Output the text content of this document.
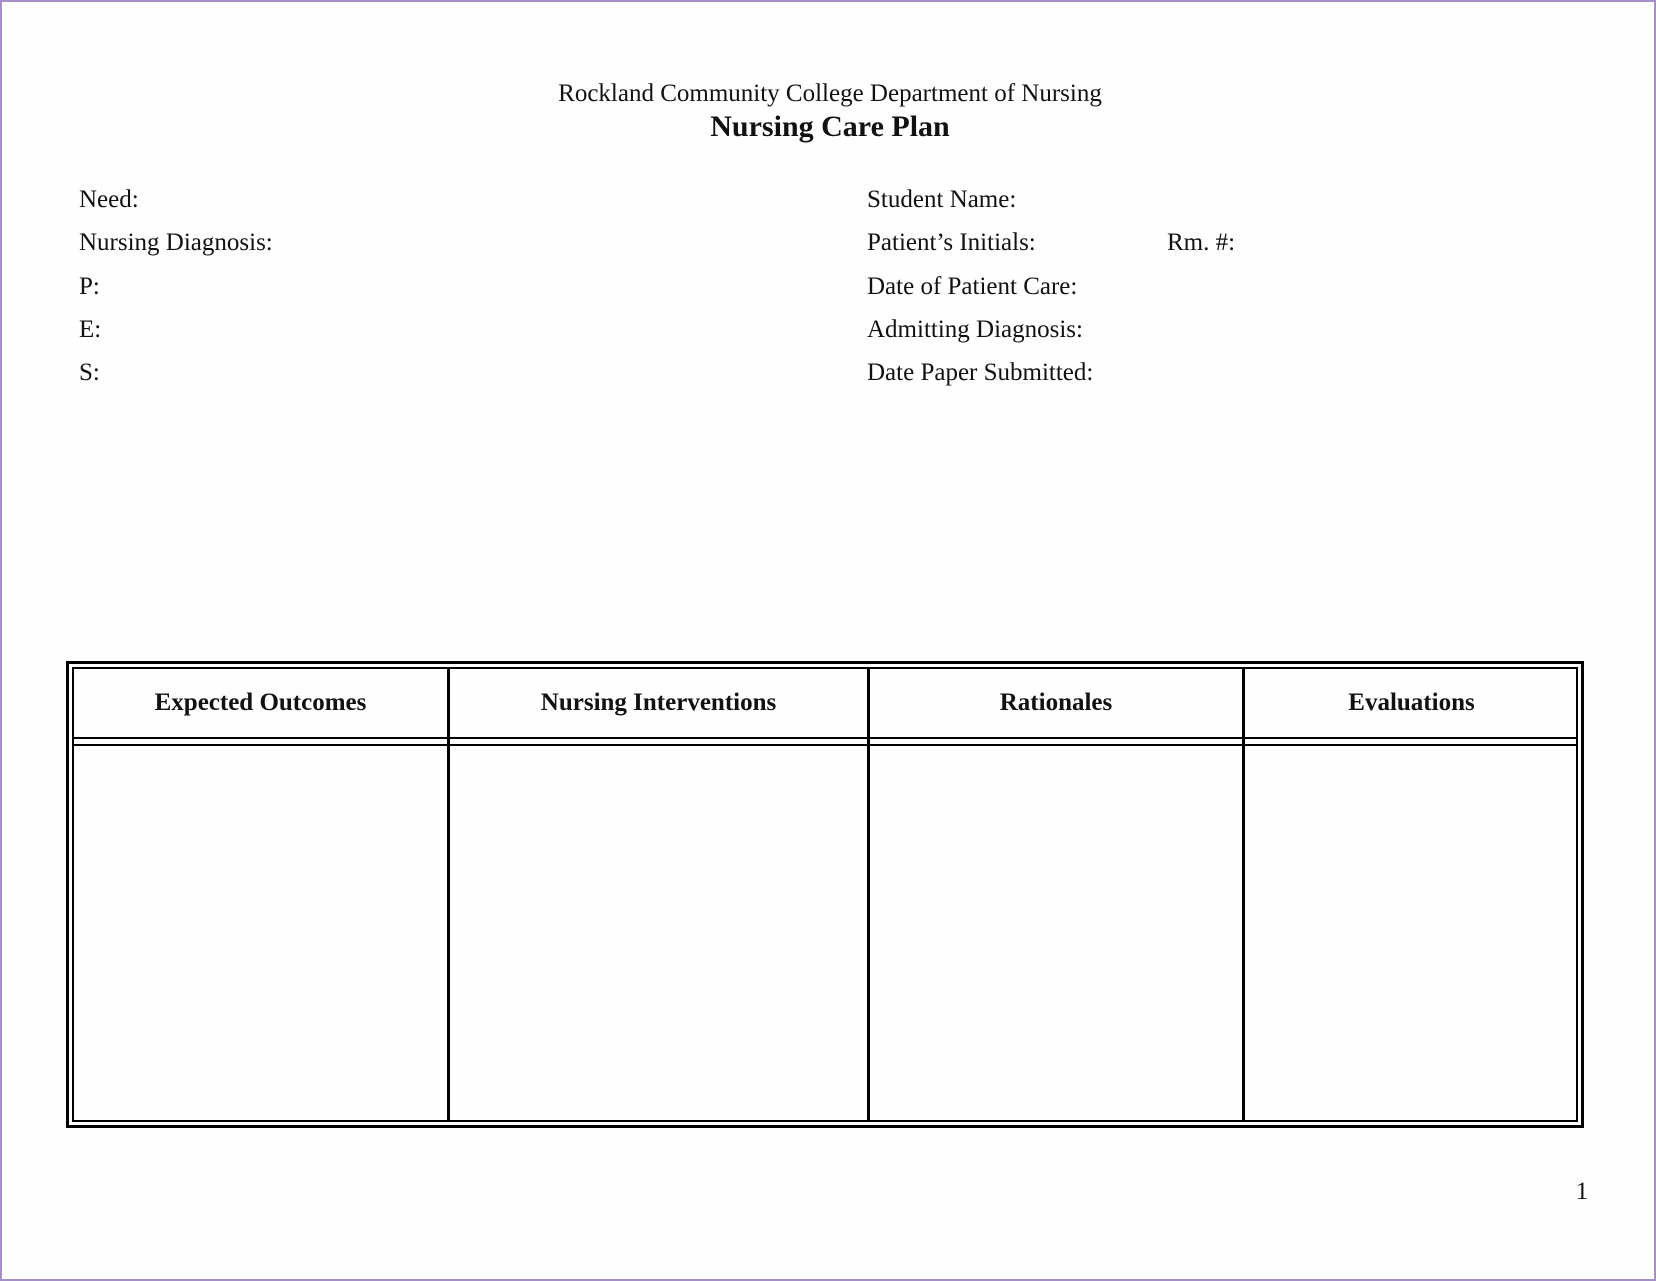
Rockland Community College Department of Nursing
Nursing Care Plan
Need:
Nursing Diagnosis:
P:
E:
S:
Student Name:
Patient’s Initials:	Rm. #:
Date of Patient Care:
Admitting Diagnosis:
Date Paper Submitted:
Expected Outcomes	Nursing Interventions	Rationales	Evaluations
1
